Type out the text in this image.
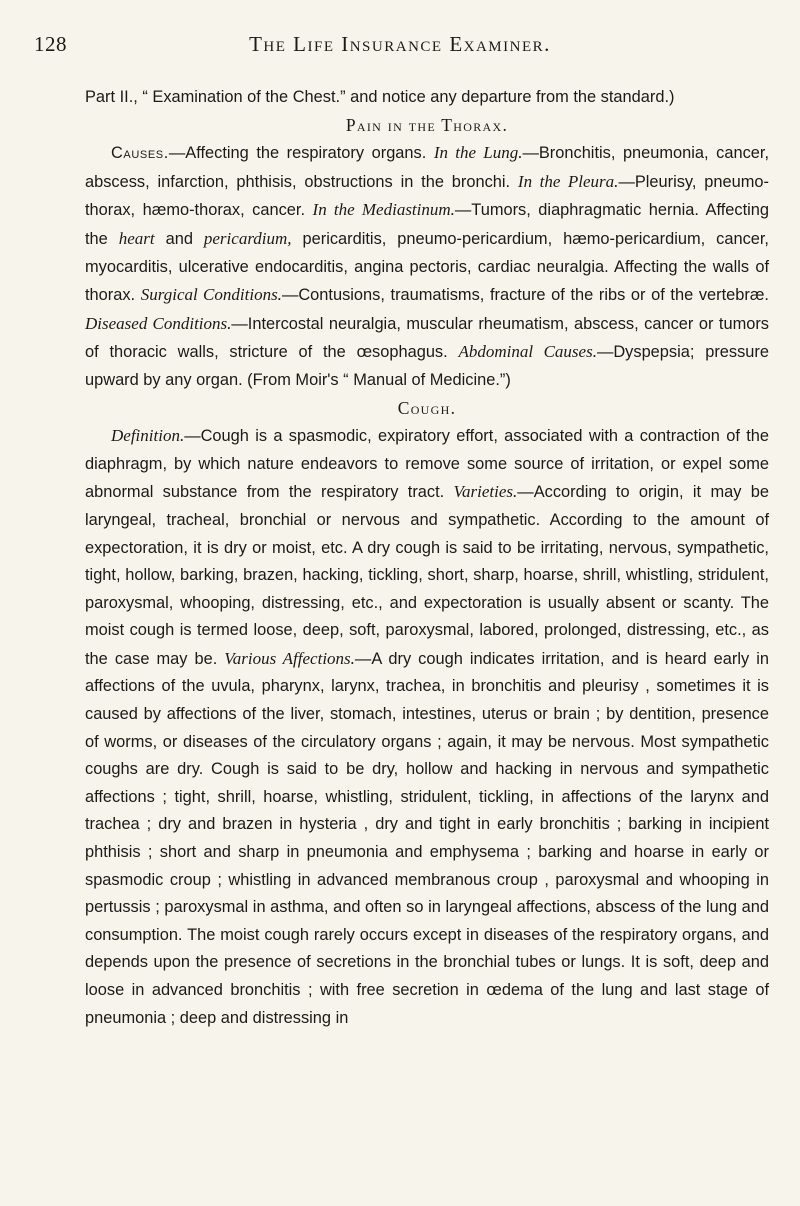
128	The Life Insurance Examiner.

Part II., “ Examination of the Chest.” and notice any departure from the standard.)

Pain in the Thorax.

Causes.—Affecting the respiratory organs. In the Lung.—Bronchitis, pneumonia, cancer, abscess, infarction, phthisis, obstructions in the bronchi. In the Pleura.—Pleurisy, pneumo-thorax, hæmo-thorax, cancer. In the Mediastinum.—Tumors, diaphragmatic hernia. Affecting the heart and pericardium, pericarditis, pneumo-pericardium, hæmo-pericardium, cancer, myocarditis, ulcerative endocarditis, angina pectoris, cardiac neuralgia. Affecting the walls of thorax. Surgical Conditions.—Contusions, traumatisms, fracture of the ribs or of the vertebræ. Diseased Conditions.—Intercostal neuralgia, muscular rheumatism, abscess, cancer or tumors of thoracic walls, stricture of the œsophagus. Abdominal Causes.—Dyspepsia; pressure upward by any organ. (From Moir's “ Manual of Medicine.”)

Cough.

Definition.—Cough is a spasmodic, expiratory effort, associated with a contraction of the diaphragm, by which nature endeavors to remove some source of irritation, or expel some abnormal substance from the respiratory tract. Varieties.—According to origin, it may be laryngeal, tracheal, bronchial or nervous and sympathetic. According to the amount of expectoration, it is dry or moist, etc. A dry cough is said to be irritating, nervous, sympathetic, tight, hollow, barking, brazen, hacking, tickling, short, sharp, hoarse, shrill, whistling, stridulent, paroxysmal, whooping, distressing, etc., and expectoration is usually absent or scanty. The moist cough is termed loose, deep, soft, paroxysmal, labored, prolonged, distressing, etc., as the case may be. Various Affections.—A dry cough indicates irritation, and is heard early in affections of the uvula, pharynx, larynx, trachea, in bronchitis and pleurisy , sometimes it is caused by affections of the liver, stomach, intestines, uterus or brain ; by dentition, presence of worms, or diseases of the circulatory organs ; again, it may be nervous. Most sympathetic coughs are dry. Cough is said to be dry, hollow and hacking in nervous and sympathetic affections ; tight, shrill, hoarse, whistling, stridulent, tickling, in affections of the larynx and trachea ; dry and brazen in hysteria , dry and tight in early bronchitis ; barking in incipient phthisis ; short and sharp in pneumonia and emphysema ; barking and hoarse in early or spasmodic croup ; whistling in advanced membranous croup , paroxysmal and whooping in pertussis ; paroxysmal in asthma, and often so in laryngeal affections, abscess of the lung and consumption. The moist cough rarely occurs except in diseases of the respiratory organs, and depends upon the presence of secretions in the bronchial tubes or lungs. It is soft, deep and loose in advanced bronchitis ; with free secretion in œdema of the lung and last stage of pneumonia ; deep and distressing in
